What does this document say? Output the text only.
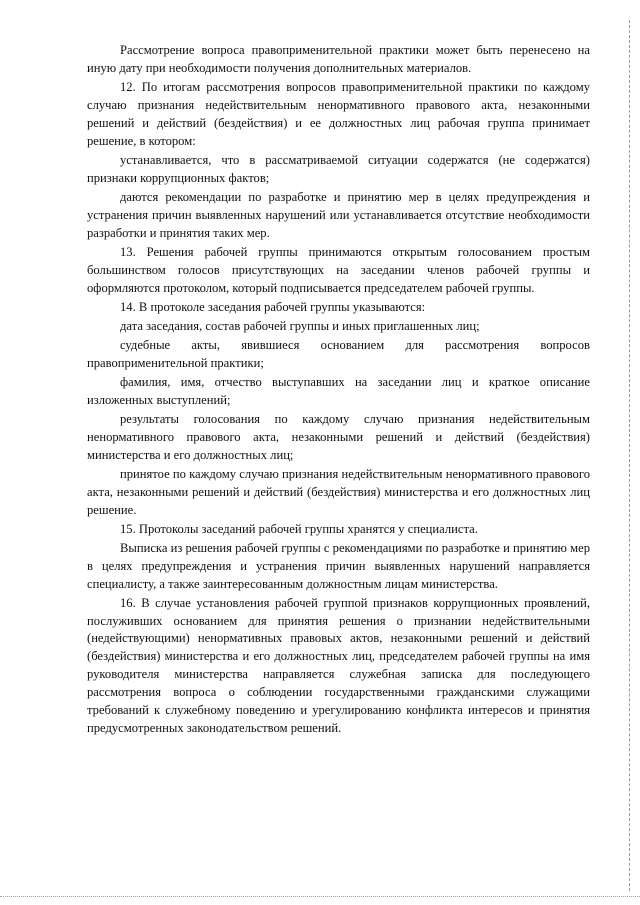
Рассмотрение вопроса правоприменительной практики может быть перенесено на иную дату при необходимости получения дополнительных материалов.

12. По итогам рассмотрения вопросов правоприменительной практики по каждому случаю признания недействительным ненормативного правового акта, незаконными решений и действий (бездействия) и ее должностных лиц рабочая группа принимает решение, в котором:

устанавливается, что в рассматриваемой ситуации содержатся (не содержатся) признаки коррупционных фактов;

даются рекомендации по разработке и принятию мер в целях предупреждения и устранения причин выявленных нарушений или устанавливается отсутствие необходимости разработки и принятия таких мер.

13. Решения рабочей группы принимаются открытым голосованием простым большинством голосов присутствующих на заседании членов рабочей группы и оформляются протоколом, который подписывается председателем рабочей группы.

14. В протоколе заседания рабочей группы указываются:

дата заседания, состав рабочей группы и иных приглашенных лиц;

судебные акты, явившиеся основанием для рассмотрения вопросов правоприменительной практики;

фамилия, имя, отчество выступавших на заседании лиц и краткое описание изложенных выступлений;

результаты голосования по каждому случаю признания недействительным ненормативного правового акта, незаконными решений и действий (бездействия) министерства и его должностных лиц;

принятое по каждому случаю признания недействительным ненормативного правового акта, незаконными решений и действий (бездействия) министерства и его должностных лиц решение.

15. Протоколы заседаний рабочей группы хранятся у специалиста.

Выписка из решения рабочей группы с рекомендациями по разработке и принятию мер в целях предупреждения и устранения причин выявленных нарушений направляется специалисту, а также заинтересованным должностным лицам министерства.

16. В случае установления рабочей группой признаков коррупционных проявлений, послуживших основанием для принятия решения о признании недействительными (недействующими) ненормативных правовых актов, незаконными решений и действий (бездействия) министерства и его должностных лиц, председателем рабочей группы на имя руководителя министерства направляется служебная записка для последующего рассмотрения вопроса о соблюдении государственными гражданскими служащими требований к служебному поведению и урегулированию конфликта интересов и принятия предусмотренных законодательством решений.
